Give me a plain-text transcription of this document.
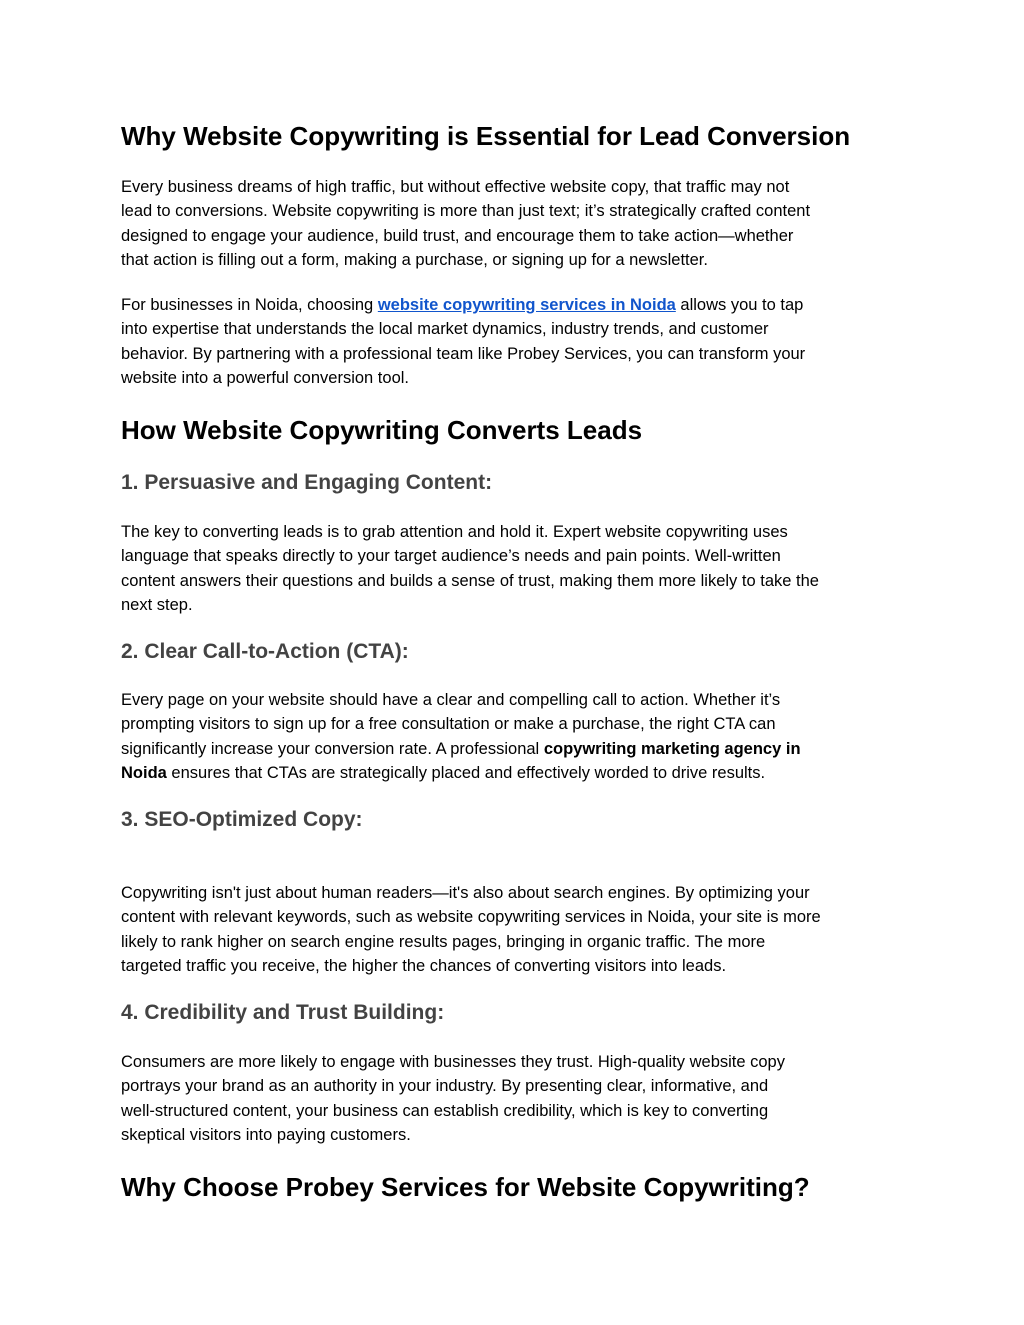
Why Website Copywriting is Essential for Lead Conversion
Every business dreams of high traffic, but without effective website copy, that traffic may not
lead to conversions. Website copywriting is more than just text; it’s strategically crafted content
designed to engage your audience, build trust, and encourage them to take action—whether
that action is filling out a form, making a purchase, or signing up for a newsletter.
For businesses in Noida, choosing website copywriting services in Noida allows you to tap
into expertise that understands the local market dynamics, industry trends, and customer
behavior. By partnering with a professional team like Probey Services, you can transform your
website into a powerful conversion tool.
How Website Copywriting Converts Leads
1. Persuasive and Engaging Content:
The key to converting leads is to grab attention and hold it. Expert website copywriting uses
language that speaks directly to your target audience’s needs and pain points. Well-written
content answers their questions and builds a sense of trust, making them more likely to take the
next step.
2. Clear Call-to-Action (CTA):
Every page on your website should have a clear and compelling call to action. Whether it’s
prompting visitors to sign up for a free consultation or make a purchase, the right CTA can
significantly increase your conversion rate. A professional copywriting marketing agency in
Noida ensures that CTAs are strategically placed and effectively worded to drive results.
3. SEO-Optimized Copy:
Copywriting isn't just about human readers—it's also about search engines. By optimizing your
content with relevant keywords, such as website copywriting services in Noida, your site is more
likely to rank higher on search engine results pages, bringing in organic traffic. The more
targeted traffic you receive, the higher the chances of converting visitors into leads.
4. Credibility and Trust Building:
Consumers are more likely to engage with businesses they trust. High-quality website copy
portrays your brand as an authority in your industry. By presenting clear, informative, and
well-structured content, your business can establish credibility, which is key to converting
skeptical visitors into paying customers.
Why Choose Probey Services for Website Copywriting?
